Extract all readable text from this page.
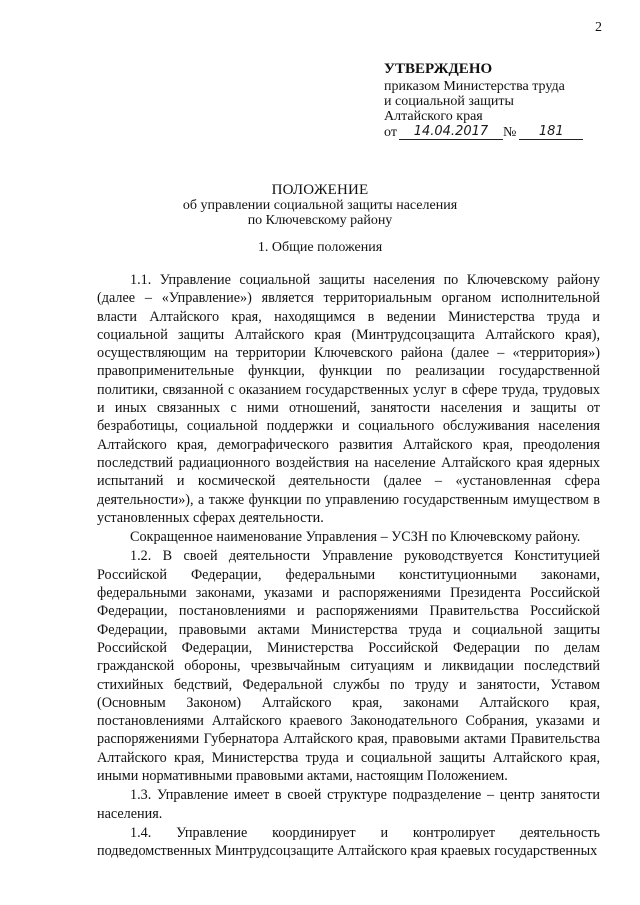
2
УТВЕРЖДЕНО
приказом Министерства труда
и социальной защиты
Алтайского края
от	14.04.2017	№	181
ПОЛОЖЕНИЕ
об управлении социальной защиты населения
по Ключевскому району
1. Общие положения

1.1. Управление социальной защиты населения по Ключевскому району (далее – «Управление») является территориальным органом исполнительной власти Алтайского края, находящимся в ведении Министерства труда и социальной защиты Алтайского края (Минтрудсоцзащита Алтайского края), осуществляющим на территории Ключевского района (далее – «территория») правоприменительные функции, функции по реализации государственной политики, связанной с оказанием государственных услуг в сфере труда, трудовых и иных связанных с ними отношений, занятости населения и защиты от безработицы, социальной поддержки и социального обслуживания населения Алтайского края, демографического развития Алтайского края, преодоления последствий радиационного воздействия на население Алтайского края ядерных испытаний и космической деятельности (далее – «установленная сфера деятельности»), а также функции по управлению государственным имуществом в установленных сферах деятельности.

Сокращенное наименование Управления – УСЗН по Ключевскому району.

1.2. В своей деятельности Управление руководствуется Конституцией Российской Федерации, федеральными конституционными законами, федеральными законами, указами и распоряжениями Президента Российской Федерации, постановлениями и распоряжениями Правительства Российской Федерации, правовыми актами Министерства труда и социальной защиты Российской Федерации, Министерства Российской Федерации по делам гражданской обороны, чрезвычайным ситуациям и ликвидации последствий стихийных бедствий, Федеральной службы по труду и занятости, Уставом (Основным Законом) Алтайского края, законами Алтайского края, постановлениями Алтайского краевого Законодательного Собрания, указами и распоряжениями Губернатора Алтайского края, правовыми актами Правительства Алтайского края, Министерства труда и социальной защиты Алтайского края, иными нормативными правовыми актами, настоящим Положением.

1.3. Управление имеет в своей структуре подразделение – центр занятости населения.

1.4. Управление координирует и контролирует деятельность подведомственных Минтрудсоцзащите Алтайского края краевых государственных
